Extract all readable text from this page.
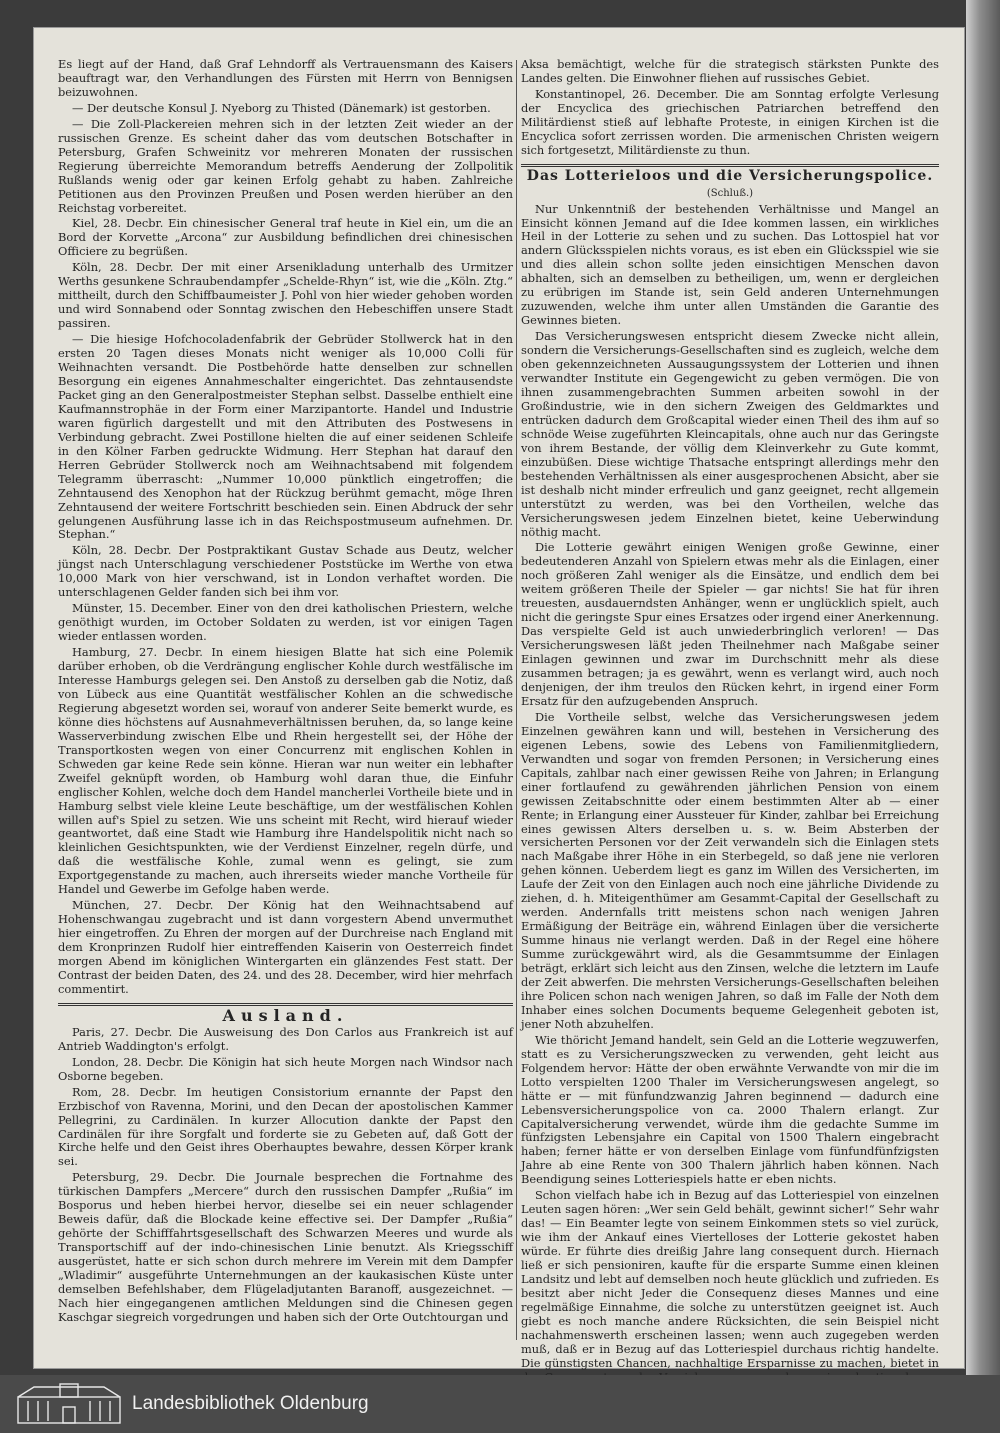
Es liegt auf der Hand, daß Graf Lehndorff als Vertrauensmann des Kaisers beauftragt war, den Verhandlungen des Fürsten mit Herrn von Bennigsen beizuwohnen.

— Der deutsche Konsul J. Nyeborg zu Thisted (Dänemark) ist gestorben.

— Die Zoll-Plackereien mehren sich in der letzten Zeit wieder an der russischen Grenze. Es scheint daher das vom deutschen Botschafter in Petersburg, Grafen Schweinitz vor mehreren Monaten der russischen Regierung überreichte Memorandum betreffs Aenderung der Zollpolitik Rußlands wenig oder gar keinen Erfolg gehabt zu haben. Zahlreiche Petitionen aus den Provinzen Preußen und Posen werden hierüber an den Reichstag vorbereitet.

Kiel, 28. Decbr. Ein chinesischer General traf heute in Kiel ein, um die an Bord der Korvette „Arcona“ zur Ausbildung befindlichen drei chinesischen Officiere zu begrüßen.

Köln, 28. Decbr. Der mit einer Arsenikladung unterhalb des Urmitzer Werths gesunkene Schraubendampfer „Schelde-Rhyn“ ist, wie die „Köln. Ztg.“ mittheilt, durch den Schiffbaumeister J. Pohl von hier wieder gehoben worden und wird Sonnabend oder Sonntag zwischen den Hebeschiffen unsere Stadt passiren.

— Die hiesige Hofchocoladenfabrik der Gebrüder Stollwerck hat in den ersten 20 Tagen dieses Monats nicht weniger als 10,000 Colli für Weihnachten versandt. Die Postbehörde hatte denselben zur schnellen Besorgung ein eigenes Annahmeschalter eingerichtet. Das zehntausendste Packet ging an den Generalpostmeister Stephan selbst. Dasselbe enthielt eine Kaufmannstrophäe in der Form einer Marzipantorte. Handel und Industrie waren figürlich dargestellt und mit den Attributen des Postwesens in Verbindung gebracht. Zwei Postillone hielten die auf einer seidenen Schleife in den Kölner Farben gedruckte Widmung. Herr Stephan hat darauf den Herren Gebrüder Stollwerck noch am Weihnachtsabend mit folgendem Telegramm überrascht: „Nummer 10,000 pünktlich eingetroffen; die Zehntausend des Xenophon hat der Rückzug berühmt gemacht, möge Ihren Zehntausend der weitere Fortschritt beschieden sein. Einen Abdruck der sehr gelungenen Ausführung lasse ich in das Reichspostmuseum aufnehmen. Dr. Stephan.“

Köln, 28. Decbr. Der Postpraktikant Gustav Schade aus Deutz, welcher jüngst nach Unterschlagung verschiedener Poststücke im Werthe von etwa 10,000 Mark von hier verschwand, ist in London verhaftet worden. Die unterschlagenen Gelder fanden sich bei ihm vor.

Münster, 15. December. Einer von den drei katholischen Priestern, welche genöthigt wurden, im October Soldaten zu werden, ist vor einigen Tagen wieder entlassen worden.

Hamburg, 27. Decbr. In einem hiesigen Blatte hat sich eine Polemik darüber erhoben, ob die Verdrängung englischer Kohle durch westfälische im Interesse Hamburgs gelegen sei. Den Anstoß zu derselben gab die Notiz, daß von Lübeck aus eine Quantität westfälischer Kohlen an die schwedische Regierung abgesetzt worden sei, worauf von anderer Seite bemerkt wurde, es könne dies höchstens auf Ausnahmeverhältnissen beruhen, da, so lange keine Wasserverbindung zwischen Elbe und Rhein hergestellt sei, der Höhe der Transportkosten wegen von einer Concurrenz mit englischen Kohlen in Schweden gar keine Rede sein könne. Hieran war nun weiter ein lebhafter Zweifel geknüpft worden, ob Hamburg wohl daran thue, die Einfuhr englischer Kohlen, welche doch dem Handel mancherlei Vortheile biete und in Hamburg selbst viele kleine Leute beschäftige, um der westfälischen Kohlen willen auf's Spiel zu setzen. Wie uns scheint mit Recht, wird hierauf wieder geantwortet, daß eine Stadt wie Hamburg ihre Handelspolitik nicht nach so kleinlichen Gesichtspunkten, wie der Verdienst Einzelner, regeln dürfe, und daß die westfälische Kohle, zumal wenn es gelingt, sie zum Exportgegenstande zu machen, auch ihrerseits wieder manche Vortheile für Handel und Gewerbe im Gefolge haben werde.

München, 27. Decbr. Der König hat den Weihnachtsabend auf Hohenschwangau zugebracht und ist dann vorgestern Abend unvermuthet hier eingetroffen. Zu Ehren der morgen auf der Durchreise nach England mit dem Kronprinzen Rudolf hier eintreffenden Kaiserin von Oesterreich findet morgen Abend im königlichen Wintergarten ein glänzendes Fest statt. Der Contrast der beiden Daten, des 24. und des 28. December, wird hier mehrfach commentirt.

Ausland.

Paris, 27. Decbr. Die Ausweisung des Don Carlos aus Frankreich ist auf Antrieb Waddington's erfolgt.

London, 28. Decbr. Die Königin hat sich heute Morgen nach Windsor nach Osborne begeben.

Rom, 28. Decbr. Im heutigen Consistorium ernannte der Papst den Erzbischof von Ravenna, Morini, und den Decan der apostolischen Kammer Pellegrini, zu Cardinälen. In kurzer Allocution dankte der Papst den Cardinälen für ihre Sorgfalt und forderte sie zu Gebeten auf, daß Gott der Kirche helfe und den Geist ihres Oberhauptes bewahre, dessen Körper krank sei.

Petersburg, 29. Decbr. Die Journale besprechen die Fortnahme des türkischen Dampfers „Mercere“ durch den russischen Dampfer „Rußia“ im Bosporus und heben hierbei hervor, dieselbe sei ein neuer schlagender Beweis dafür, daß die Blockade keine effective sei. Der Dampfer „Rußia“ gehörte der Schifffahrtsgesellschaft des Schwarzen Meeres und wurde als Transportschiff auf der indo-chinesischen Linie benutzt. Als Kriegsschiff ausgerüstet, hatte er sich schon durch mehrere im Verein mit dem Dampfer „Wladimir“ ausgeführte Unternehmungen an der kaukasischen Küste unter demselben Befehlshaber, dem Flügeladjutanten Baranoff, ausgezeichnet. — Nach hier eingegangenen amtlichen Meldungen sind die Chinesen gegen Kaschgar siegreich vorgedrungen und haben sich der Orte Outchtourgan und

Aksa bemächtigt, welche für die strategisch stärksten Punkte des Landes gelten. Die Einwohner fliehen auf russisches Gebiet.

Konstantinopel, 26. December. Die am Sonntag erfolgte Verlesung der Encyclica des griechischen Patriarchen betreffend den Militärdienst stieß auf lebhafte Proteste, in einigen Kirchen ist die Encyclica sofort zerrissen worden. Die armenischen Christen weigern sich fortgesetzt, Militärdienste zu thun.

Das Lotterieloos und die Versicherungspolice.
(Schluß.)

Nur Unkenntniß der bestehenden Verhältnisse und Mangel an Einsicht können Jemand auf die Idee kommen lassen, ein wirkliches Heil in der Lotterie zu sehen und zu suchen. Das Lottospiel hat vor andern Glücksspielen nichts voraus, es ist eben ein Glücksspiel wie sie und dies allein schon sollte jeden einsichtigen Menschen davon abhalten, sich an demselben zu betheiligen, um, wenn er dergleichen zu erübrigen im Stande ist, sein Geld anderen Unternehmungen zuzuwenden, welche ihm unter allen Umständen die Garantie des Gewinnes bieten.

Das Versicherungswesen entspricht diesem Zwecke nicht allein, sondern die Versicherungs-Gesellschaften sind es zugleich, welche dem oben gekennzeichneten Aussaugungssystem der Lotterien und ihnen verwandter Institute ein Gegengewicht zu geben vermögen. Die von ihnen zusammengebrachten Summen arbeiten sowohl in der Großindustrie, wie in den sichern Zweigen des Geldmarktes und entrücken dadurch dem Großcapital wieder einen Theil des ihm auf so schnöde Weise zugeführten Kleincapitals, ohne auch nur das Geringste von ihrem Bestande, der völlig dem Kleinverkehr zu Gute kommt, einzubüßen. Diese wichtige Thatsache entspringt allerdings mehr den bestehenden Verhältnissen als einer ausgesprochenen Absicht, aber sie ist deshalb nicht minder erfreulich und ganz geeignet, recht allgemein unterstützt zu werden, was bei den Vortheilen, welche das Versicherungswesen jedem Einzelnen bietet, keine Ueberwindung nöthig macht.

Die Lotterie gewährt einigen Wenigen große Gewinne, einer bedeutenderen Anzahl von Spielern etwas mehr als die Einlagen, einer noch größeren Zahl weniger als die Einsätze, und endlich dem bei weitem größeren Theile der Spieler — gar nichts! Sie hat für ihren treuesten, ausdauerndsten Anhänger, wenn er unglücklich spielt, auch nicht die geringste Spur eines Ersatzes oder irgend einer Anerkennung. Das verspielte Geld ist auch unwiederbringlich verloren! — Das Versicherungswesen läßt jeden Theilnehmer nach Maßgabe seiner Einlagen gewinnen und zwar im Durchschnitt mehr als diese zusammen betragen; ja es gewährt, wenn es verlangt wird, auch noch denjenigen, der ihm treulos den Rücken kehrt, in irgend einer Form Ersatz für den aufzugebenden Anspruch.

Die Vortheile selbst, welche das Versicherungswesen jedem Einzelnen gewähren kann und will, bestehen in Versicherung des eigenen Lebens, sowie des Lebens von Familienmitgliedern, Verwandten und sogar von fremden Personen; in Versicherung eines Capitals, zahlbar nach einer gewissen Reihe von Jahren; in Erlangung einer fortlaufend zu gewährenden jährlichen Pension von einem gewissen Zeitabschnitte oder einem bestimmten Alter ab — einer Rente; in Erlangung einer Aussteuer für Kinder, zahlbar bei Erreichung eines gewissen Alters derselben u. s. w. Beim Absterben der versicherten Personen vor der Zeit verwandeln sich die Einlagen stets nach Maßgabe ihrer Höhe in ein Sterbegeld, so daß jene nie verloren gehen können. Ueberdem liegt es ganz im Willen des Versicherten, im Laufe der Zeit von den Einlagen auch noch eine jährliche Dividende zu ziehen, d. h. Miteigenthümer am Gesammt-Capital der Gesellschaft zu werden. Andernfalls tritt meistens schon nach wenigen Jahren Ermäßigung der Beiträge ein, während Einlagen über die versicherte Summe hinaus nie verlangt werden. Daß in der Regel eine höhere Summe zurückgewährt wird, als die Gesammtsumme der Einlagen beträgt, erklärt sich leicht aus den Zinsen, welche die letztern im Laufe der Zeit abwerfen. Die mehrsten Versicherungs-Gesellschaften beleihen ihre Policen schon nach wenigen Jahren, so daß im Falle der Noth dem Inhaber eines solchen Documents bequeme Gelegenheit geboten ist, jener Noth abzuhelfen.

Wie thöricht Jemand handelt, sein Geld an die Lotterie wegzuwerfen, statt es zu Versicherungszwecken zu verwenden, geht leicht aus Folgendem hervor: Hätte der oben erwähnte Verwandte von mir die im Lotto verspielten 1200 Thaler im Versicherungswesen angelegt, so hätte er — mit fünfundzwanzig Jahren beginnend — dadurch eine Lebensversicherungspolice von ca. 2000 Thalern erlangt. Zur Capitalversicherung verwendet, würde ihm die gedachte Summe im fünfzigsten Lebensjahre ein Capital von 1500 Thalern eingebracht haben; ferner hätte er von derselben Einlage vom fünfundfünfzigsten Jahre ab eine Rente von 300 Thalern jährlich haben können. Nach Beendigung seines Lotteriespiels hatte er eben nichts.

Schon vielfach habe ich in Bezug auf das Lotteriespiel von einzelnen Leuten sagen hören: „Wer sein Geld behält, gewinnt sicher!“ Sehr wahr das! — Ein Beamter legte von seinem Einkommen stets so viel zurück, wie ihm der Ankauf eines Viertelloses der Lotterie gekostet haben würde. Er führte dies dreißig Jahre lang consequent durch. Hiernach ließ er sich pensioniren, kaufte für die ersparte Summe einen kleinen Landsitz und lebt auf demselben noch heute glücklich und zufrieden. Es besitzt aber nicht Jeder die Consequenz dieses Mannes und eine regelmäßige Einnahme, die solche zu unterstützen geeignet ist. Auch giebt es noch manche andere Rücksichten, die sein Beispiel nicht nachahmenswerth erscheinen lassen; wenn auch zugegeben werden muß, daß er in Bezug auf das Lotteriespiel durchaus richtig handelte. Die günstigsten Chancen, nachhaltige Ersparnisse zu machen, bietet in

Landesbibliothek Oldenburg
